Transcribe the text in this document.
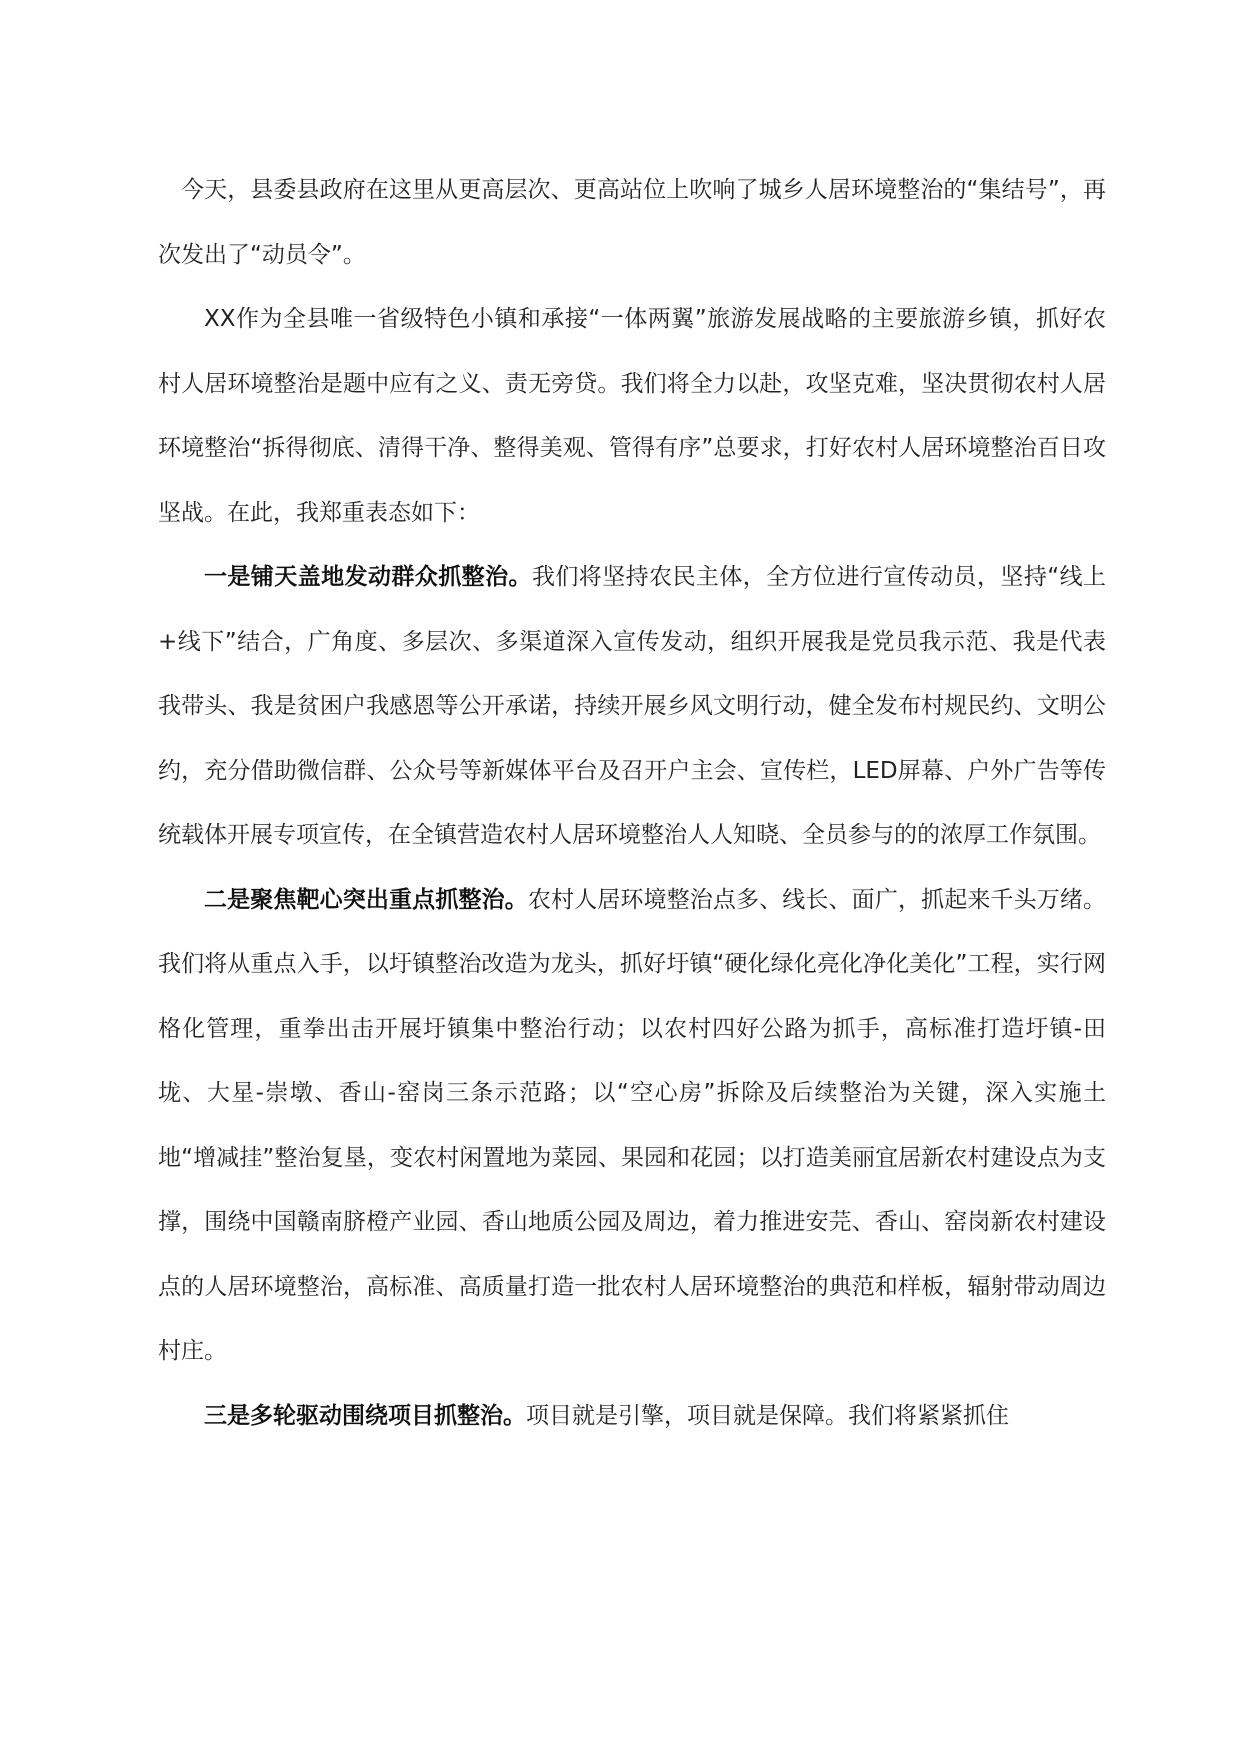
今天，县委县政府在这里从更高层次、更高站位上吹响了城乡人居环境整治的“集结号”，再次发出了“动员令”。

XX作为全县唯一省级特色小镇和承接“一体两翼”旅游发展战略的主要旅游乡镇，抓好农村人居环境整治是题中应有之义、责无旁贷。我们将全力以赴，攻坚克难，坚决贯彻农村人居环境整治“拆得彻底、清得干净、整得美观、管得有序”总要求，打好农村人居环境整治百日攻坚战。在此，我郑重表态如下：

一是铺天盖地发动群众抓整治。我们将坚持农民主体，全方位进行宣传动员，坚持“线上+线下”结合，广角度、多层次、多渠道深入宣传发动，组织开展我是党员我示范、我是代表我带头、我是贫困户我感恩等公开承诺，持续开展乡风文明行动，健全发布村规民约、文明公约，充分借助微信群、公众号等新媒体平台及召开户主会、宣传栏，LED屏幕、户外广告等传统载体开展专项宣传，在全镇营造农村人居环境整治人人知晓、全员参与的的浓厚工作氛围。

二是聚焦靶心突出重点抓整治。农村人居环境整治点多、线长、面广，抓起来千头万绪。我们将从重点入手，以圩镇整治改造为龙头，抓好圩镇“硬化绿化亮化净化美化”工程，实行网格化管理，重拳出击开展圩镇集中整治行动；以农村四好公路为抓手，高标准打造圩镇-田垅、大星-崇墩、香山-窑岗三条示范路；以“空心房”拆除及后续整治为关键，深入实施土地“增减挂”整治复垦，变农村闲置地为菜园、果园和花园；以打造美丽宜居新农村建设点为支撑，围绕中国赣南脐橙产业园、香山地质公园及周边，着力推进安芫、香山、窑岗新农村建设点的人居环境整治，高标准、高质量打造一批农村人居环境整治的典范和样板，辐射带动周边村庄。

三是多轮驱动围绕项目抓整治。项目就是引擎，项目就是保障。我们将紧紧抓住
